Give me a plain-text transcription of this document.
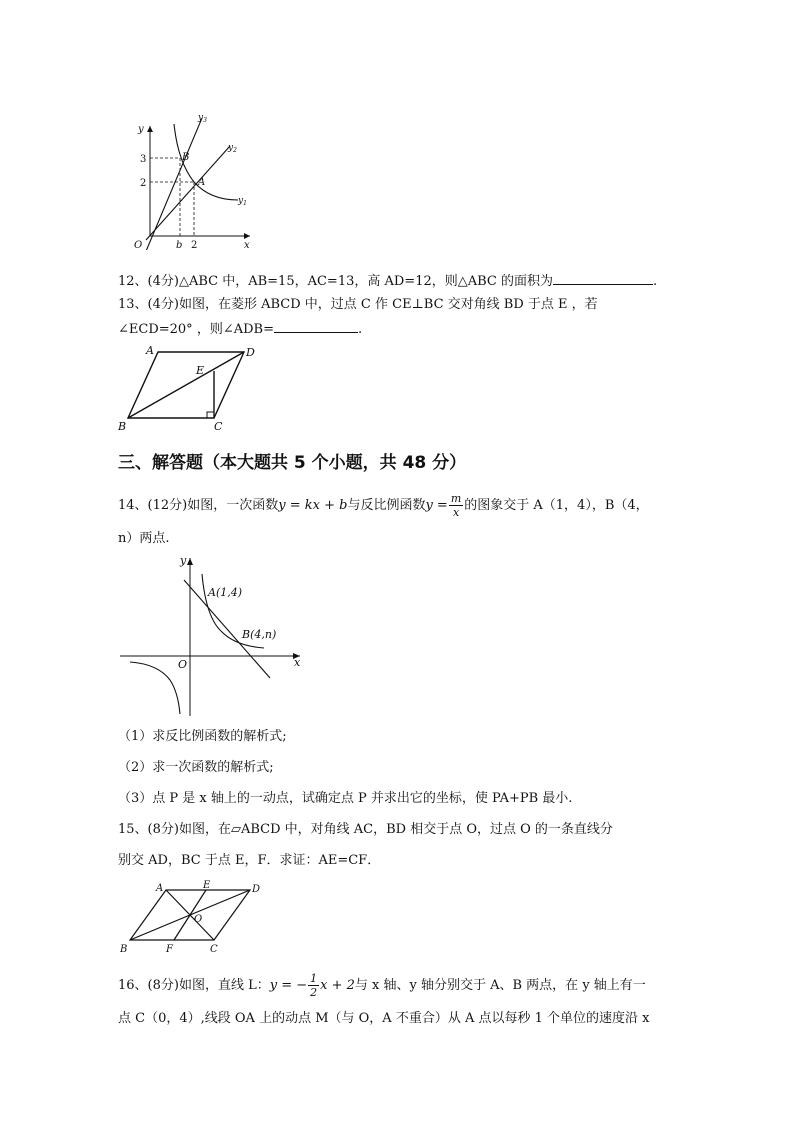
y
x
O
$y_3$
$y_2$
$y_1$
3
2
B
A
b 2
12、(4分)△ABC 中，AB=15，AC=13，高 AD=12，则△ABC 的面积为	.
13、(4分)如图，在菱形 ABCD 中，过点 C 作 CE⊥BC 交对角线 BD 于点 E ，若
∠ECD=20° ，则∠ADB=	.
A	D
E
B	C
三、解答题（本大题共 5 个小题，共 48 分）
14、(12分)如图，一次函数y = kx + b与反比例函数$y = \frac{m}{x}$ 的图象交于 A（1，4），B（4，
n）两点.
y
x
O
A(1,4)
B(4,n)
（1）求反比例函数的解析式;
（2）求一次函数的解析式;
（3）点 P 是 x 轴上的一动点，试确定点 P 并求出它的坐标，使 PA+PB 最小.
15、(8分)如图，在▱ABCD 中，对角线 AC，BD 相交于点 O，过点 O 的一条直线分
别交 AD，BC 于点 E，F．求证：AE=CF．
A	E	D
O
B	F	C
16、(8分)如图，直线 L：y = − $\frac{1}{2}$ x + 2与 x 轴、y 轴分别交于 A、B 两点，在 y 轴上有一
点 C（0，4）,线段 OA 上的动点 M（与 O，A 不重合）从 A 点以每秒 1 个单位的速度沿 x
